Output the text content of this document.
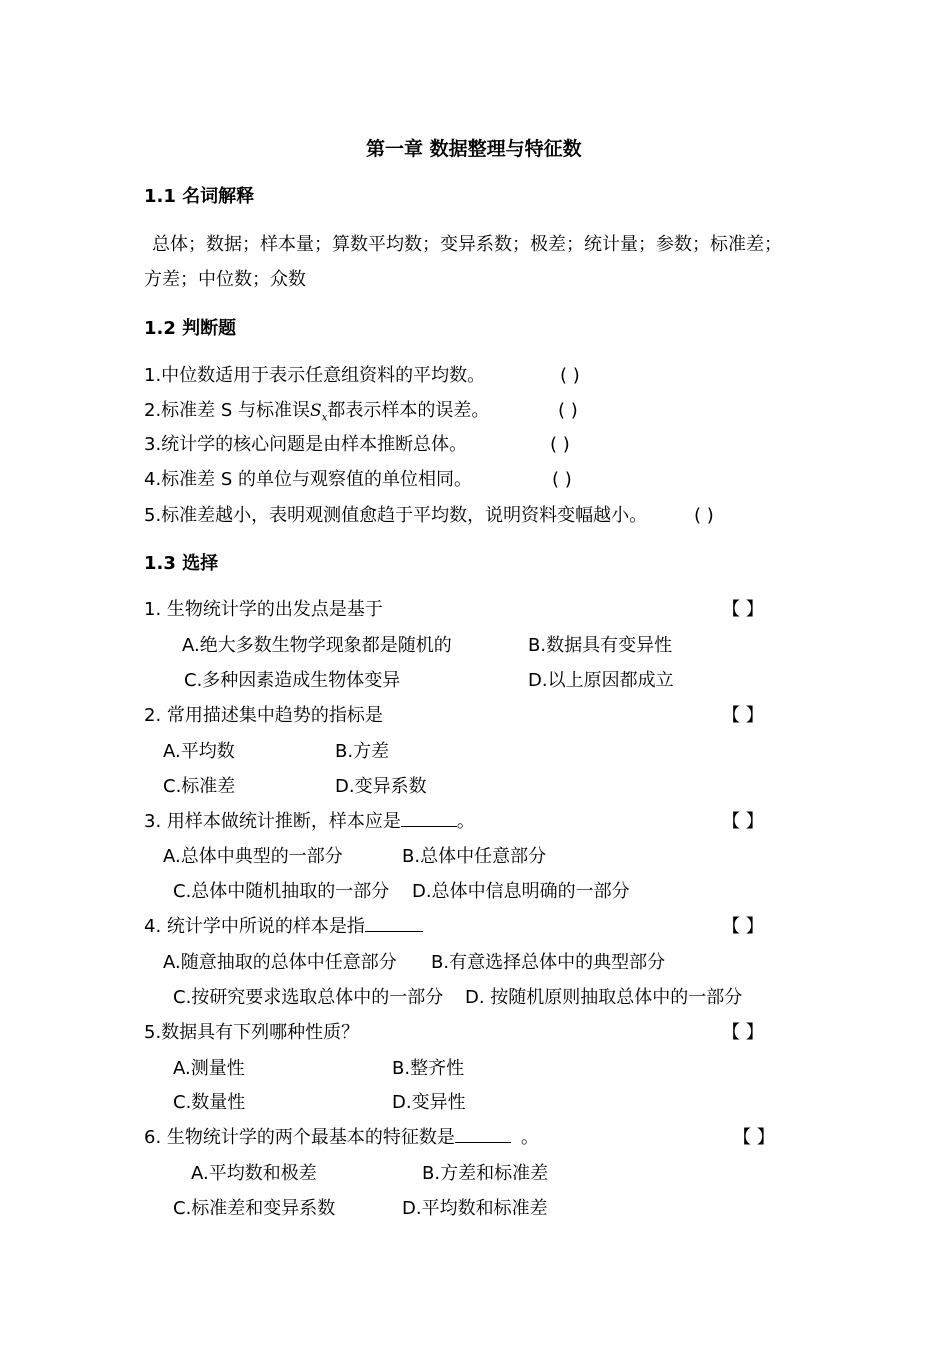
第一章 数据整理与特征数
1.1 名词解释
总体；数据；样本量；算数平均数；变异系数；极差；统计量；参数；标准差；
方差；中位数；众数
1.2 判断题
1.中位数适用于表示任意组资料的平均数。	( )
2.标准差 S 与标准误$S_x$都表示样本的误差。	( )
3.统计学的核心问题是由样本推断总体。	( )
4.标准差 S 的单位与观察值的单位相同。	( )
5.标准差越小，表明观测值愈趋于平均数，说明资料变幅越小。	( )
1.3 选择
1. 生物统计学的出发点是基于	【 】
A.绝大多数生物学现象都是随机的	B.数据具有变异性
C.多种因素造成生物体变异	D.以上原因都成立
2. 常用描述集中趋势的指标是	【 】
A.平均数	B.方差
C.标准差	D.变异系数
3. 用样本做统计推断，样本应是	。	【 】
A.总体中典型的一部分	B.总体中任意部分
C.总体中随机抽取的一部分 D.总体中信息明确的一部分
4. 统计学中所说的样本是指	【 】
A.随意抽取的总体中任意部分 B.有意选择总体中的典型部分
C.按研究要求选取总体中的一部分 D. 按随机原则抽取总体中的一部分
5.数据具有下列哪种性质？	【 】
A.测量性	B.整齐性
C.数量性	D.变异性
6. 生物统计学的两个最基本的特征数是	。	【 】
A.平均数和极差	B.方差和标准差
C.标准差和变异系数	D.平均数和标准差
